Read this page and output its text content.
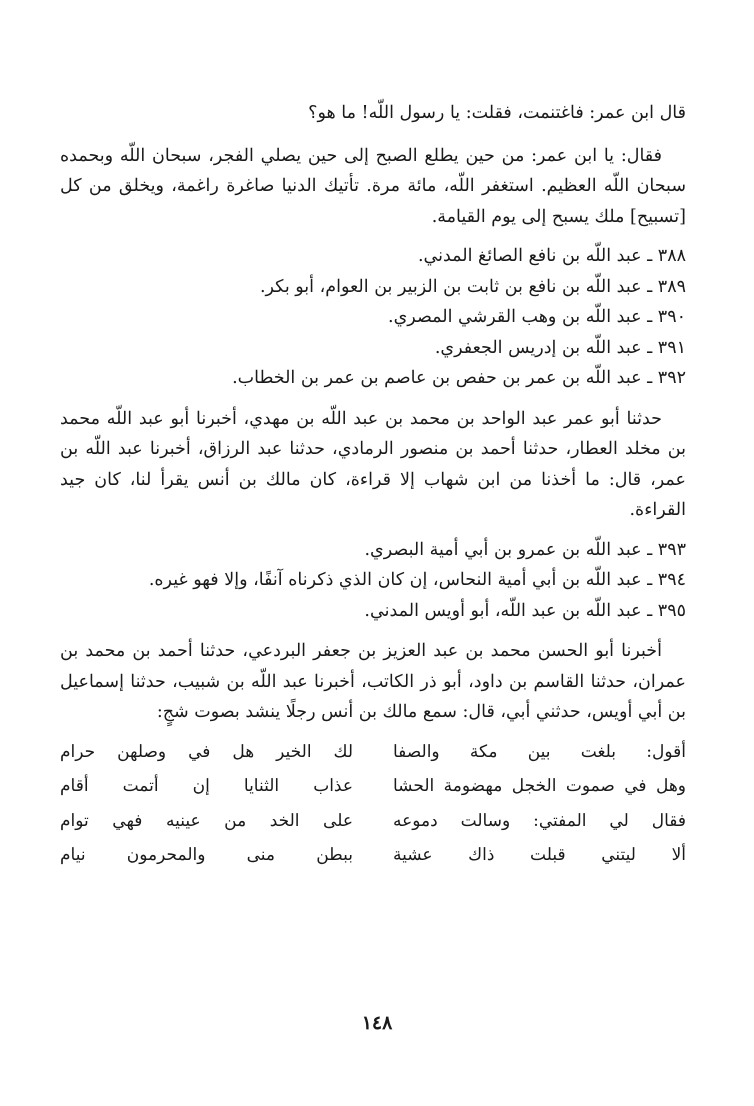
قال ابن عمر: فاغتنمت، فقلت: يا رسول اللّه! ما هو؟

فقال: يا ابن عمر: من حين يطلع الصبح إلى حين يصلي الفجر، سبحان اللّه وبحمده سبحان اللّه العظيم. استغفر اللّه، مائة مرة. تأتيك الدنيا صاغرة راغمة، ويخلق من كل [تسبيح] ملك يسبح إلى يوم القيامة.

٣٨٨ ـ عبد اللّه بن نافع الصائغ المدني.

٣٨٩ ـ عبد اللّه بن نافع بن ثابت بن الزبير بن العوام، أبو بكر.

٣٩٠ ـ عبد اللّه بن وهب القرشي المصري.

٣٩١ ـ عبد اللّه بن إدريس الجعفري.

٣٩٢ ـ عبد اللّه بن عمر بن حفص بن عاصم بن عمر بن الخطاب.

حدثنا أبو عمر عبد الواحد بن محمد بن عبد اللّه بن مهدي، أخبرنا أبو عبد اللّه محمد بن مخلد العطار، حدثنا أحمد بن منصور الرمادي، حدثنا عبد الرزاق، أخبرنا عبد اللّه بن عمر، قال: ما أخذنا من ابن شهاب إلا قراءة، كان مالك بن أنس يقرأ لنا، كان جيد القراءة.

٣٩٣ ـ عبد اللّه بن عمرو بن أبي أمية البصري.

٣٩٤ ـ عبد اللّه بن أبي أمية النحاس، إن كان الذي ذكرناه آنفًا، وإلا فهو غيره.

٣٩٥ ـ عبد اللّه بن عبد اللّه، أبو أويس المدني.

أخبرنا أبو الحسن محمد بن عبد العزيز بن جعفر البردعي، حدثنا أحمد بن محمد بن عمران، حدثنا القاسم بن داود، أبو ذر الكاتب، أخبرنا عبد اللّه بن شبيب، حدثنا إسماعيل بن أبي أويس، حدثني أبي، قال: سمع مالك بن أنس رجلًا ينشد بصوت شجٍ:

أقول: بلغت بين مكة والصفا
لك الخير هل في وصلهن حرام
وهل في صموت الخجل مهضومة الحشا
عذاب الثنايا إن أتمت أقام
فقال لي المفتي: وسالت دموعه
على الخد من عينيه فهي توام
ألا ليتني قبلت ذاك عشية
ببطن منى والمحرمون نيام
١٤٨
